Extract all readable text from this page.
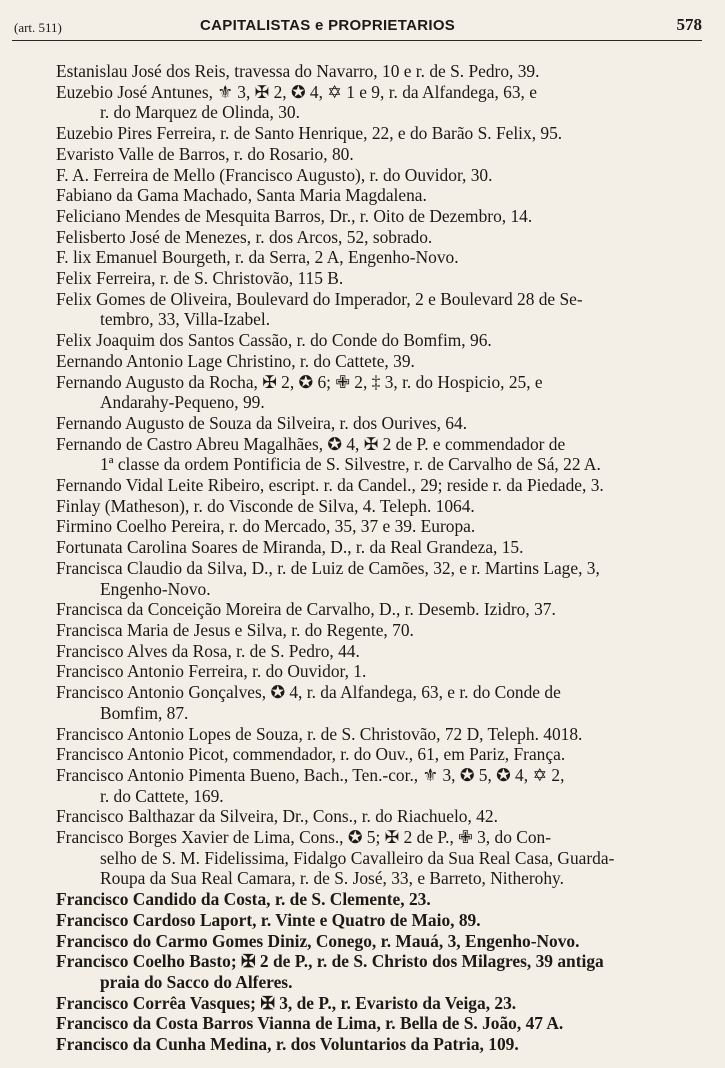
(art. 511)	CAPITALISTAS e PROPRIETARIOS	578
Estanislau José dos Reis, travessa do Navarro, 10 e r. de S. Pedro, 39.
Euzebio José Antunes, ⚜ 3, ✠ 2, ✪ 4, ✡ 1 e 9, r. da Alfandega, 63, e
r. do Marquez de Olinda, 30.
Euzebio Pires Ferreira, r. de Santo Henrique, 22, e do Barão S. Felix, 95.
Evaristo Valle de Barros, r. do Rosario, 80.
F. A. Ferreira de Mello (Francisco Augusto), r. do Ouvidor, 30.
Fabiano da Gama Machado, Santa Maria Magdalena.
Feliciano Mendes de Mesquita Barros, Dr., r. Oito de Dezembro, 14.
Felisberto José de Menezes, r. dos Arcos, 52, sobrado.
F. lix Emanuel Bourgeth, r. da Serra, 2 A, Engenho-Novo.
Felix Ferreira, r. de S. Christovão, 115 B.
Felix Gomes de Oliveira, Boulevard do Imperador, 2 e Boulevard 28 de Se-
tembro, 33, Villa-Izabel.
Felix Joaquim dos Santos Cassão, r. do Conde do Bomfim, 96.
Eernando Antonio Lage Christino, r. do Cattete, 39.
Fernando Augusto da Rocha, ✠ 2, ✪ 6; ✙ 2, ‡ 3, r. do Hospicio, 25, e
Andarahy-Pequeno, 99.
Fernando Augusto de Souza da Silveira, r. dos Ourives, 64.
Fernando de Castro Abreu Magalhães, ✪ 4, ✠ 2 de P. e commendador de
1ª classe da ordem Pontificia de S. Silvestre, r. de Carvalho de Sá, 22 A.
Fernando Vidal Leite Ribeiro, escript. r. da Candel., 29; reside r. da Piedade, 3.
Finlay (Matheson), r. do Visconde de Silva, 4. Teleph. 1064.
Firmino Coelho Pereira, r. do Mercado, 35, 37 e 39. Europa.
Fortunata Carolina Soares de Miranda, D., r. da Real Grandeza, 15.
Francisca Claudio da Silva, D., r. de Luiz de Camões, 32, e r. Martins Lage, 3,
Engenho-Novo.
Francisca da Conceição Moreira de Carvalho, D., r. Desemb. Izidro, 37.
Francisca Maria de Jesus e Silva, r. do Regente, 70.
Francisco Alves da Rosa, r. de S. Pedro, 44.
Francisco Antonio Ferreira, r. do Ouvidor, 1.
Francisco Antonio Gonçalves, ✪ 4, r. da Alfandega, 63, e r. do Conde de
Bomfim, 87.
Francisco Antonio Lopes de Souza, r. de S. Christovão, 72 D, Teleph. 4018.
Francisco Antonio Picot, commendador, r. do Ouv., 61, em Pariz, França.
Francisco Antonio Pimenta Bueno, Bach., Ten.-cor., ⚜ 3, ✪ 5, ✪ 4, ✡ 2,
r. do Cattete, 169.
Francisco Balthazar da Silveira, Dr., Cons., r. do Riachuelo, 42.
Francisco Borges Xavier de Lima, Cons., ✪ 5; ✠ 2 de P., ✙ 3, do Con-
selho de S. M. Fidelissima, Fidalgo Cavalleiro da Sua Real Casa, Guarda-
Roupa da Sua Real Camara, r. de S. José, 33, e Barreto, Nitherohy.
Francisco Candido da Costa, r. de S. Clemente, 23.
Francisco Cardoso Laport, r. Vinte e Quatro de Maio, 89.
Francisco do Carmo Gomes Diniz, Conego, r. Mauá, 3, Engenho-Novo.
Francisco Coelho Basto; ✠ 2 de P., r. de S. Christo dos Milagres, 39 antiga
praia do Sacco do Alferes.
Francisco Corrêa Vasques; ✠ 3, de P., r. Evaristo da Veiga, 23.
Francisco da Costa Barros Vianna de Lima, r. Bella de S. João, 47 A.
Francisco da Cunha Medina, r. dos Voluntarios da Patria, 109.
